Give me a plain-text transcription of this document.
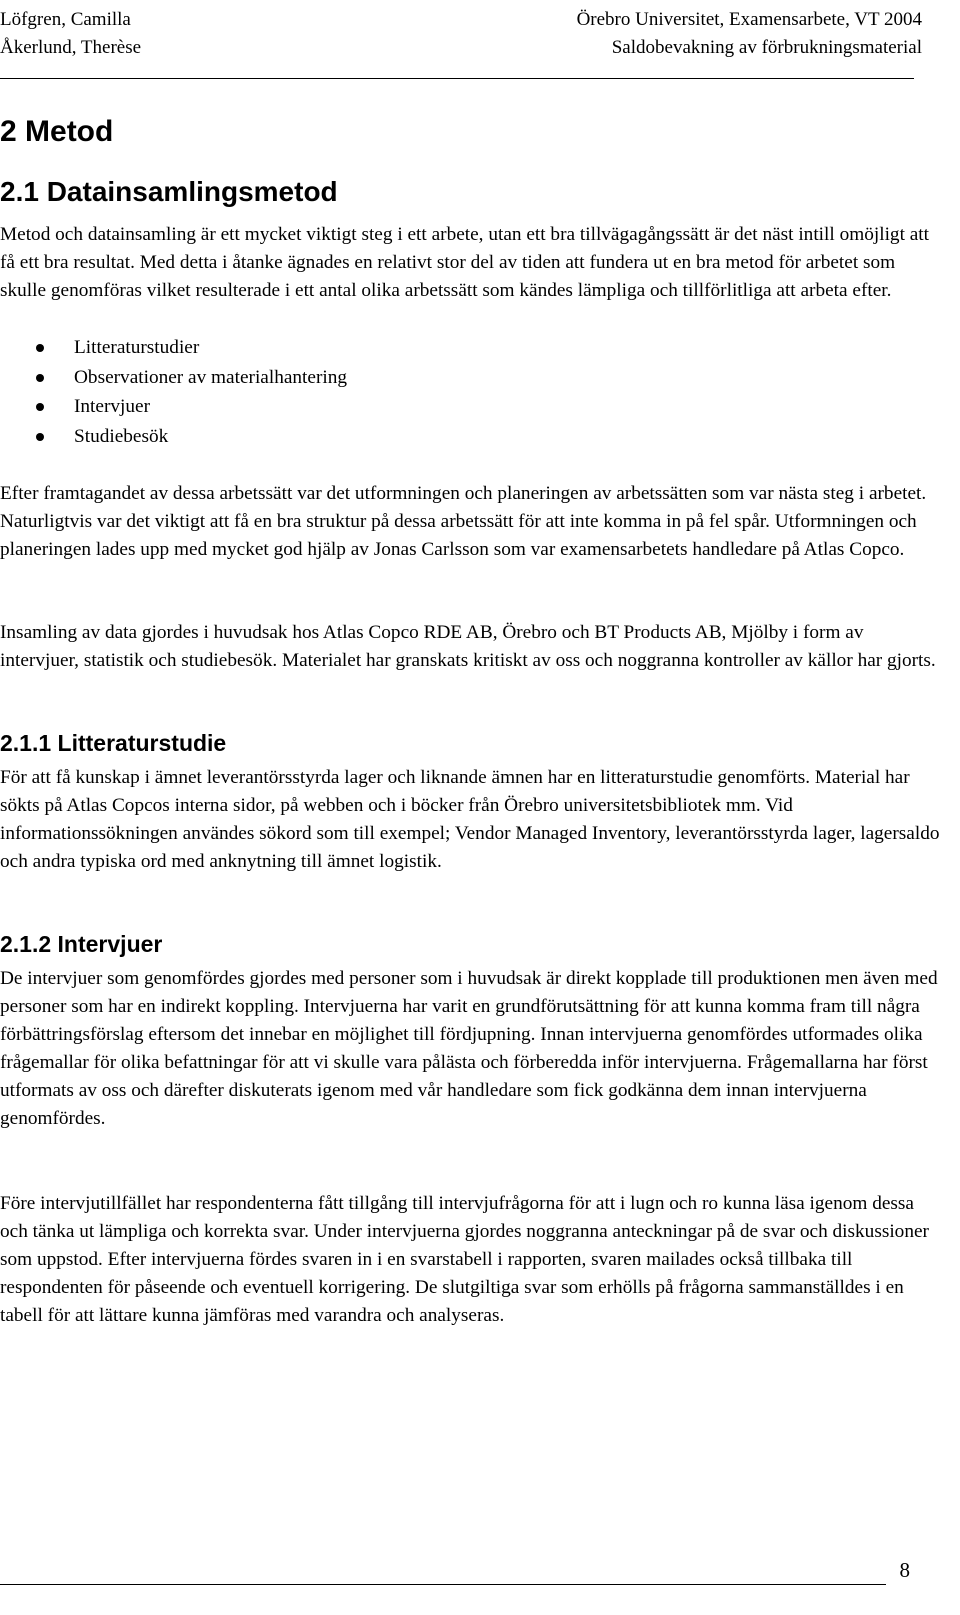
Löfgren, Camilla
Åkerlund, Therèse
Örebro Universitet, Examensarbete, VT 2004
Saldobevakning av förbrukningsmaterial
2 Metod
2.1 Datainsamlingsmetod

Metod och datainsamling är ett mycket viktigt steg i ett arbete, utan ett bra tillvägagångssätt är det näst intill omöjligt att få ett bra resultat. Med detta i åtanke ägnades en relativt stor del av tiden att fundera ut en bra metod för arbetet som skulle genomföras vilket resulterade i ett antal olika arbetssätt som kändes lämpliga och tillförlitliga att arbeta efter.

Litteraturstudier
Observationer av materialhantering
Intervjuer
Studiebesök

Efter framtagandet av dessa arbetssätt var det utformningen och planeringen av arbetssätten som var nästa steg i arbetet. Naturligtvis var det viktigt att få en bra struktur på dessa arbetssätt för att inte komma in på fel spår. Utformningen och planeringen lades upp med mycket god hjälp av Jonas Carlsson som var examensarbetets handledare på Atlas Copco.

Insamling av data gjordes i huvudsak hos Atlas Copco RDE AB, Örebro och BT Products AB, Mjölby i form av intervjuer, statistik och studiebesök. Materialet har granskats kritiskt av oss och noggranna kontroller av källor har gjorts.

2.1.1 Litteraturstudie

För att få kunskap i ämnet leverantörsstyrda lager och liknande ämnen har en litteraturstudie genomförts. Material har sökts på Atlas Copcos interna sidor, på webben och i böcker från Örebro universitetsbibliotek mm. Vid informationssökningen användes sökord som till exempel; Vendor Managed Inventory, leverantörsstyrda lager, lagersaldo och andra typiska ord med anknytning till ämnet logistik.

2.1.2 Intervjuer

De intervjuer som genomfördes gjordes med personer som i huvudsak är direkt kopplade till produktionen men även med personer som har en indirekt koppling. Intervjuerna har varit en grundförutsättning för att kunna komma fram till några förbättringsförslag eftersom det innebar en möjlighet till fördjupning. Innan intervjuerna genomfördes utformades olika frågemallar för olika befattningar för att vi skulle vara pålästa och förberedda inför intervjuerna. Frågemallarna har först utformats av oss och därefter diskuterats igenom med vår handledare som fick godkänna dem innan intervjuerna genomfördes.

Före intervjutillfället har respondenterna fått tillgång till intervjufrågorna för att i lugn och ro kunna läsa igenom dessa och tänka ut lämpliga och korrekta svar. Under intervjuerna gjordes noggranna anteckningar på de svar och diskussioner som uppstod. Efter intervjuerna fördes svaren in i en svarstabell i rapporten, svaren mailades också tillbaka till respondenten för påseende och eventuell korrigering. De slutgiltiga svar som erhölls på frågorna sammanställdes i en tabell för att lättare kunna jämföras med varandra och analyseras.

8
